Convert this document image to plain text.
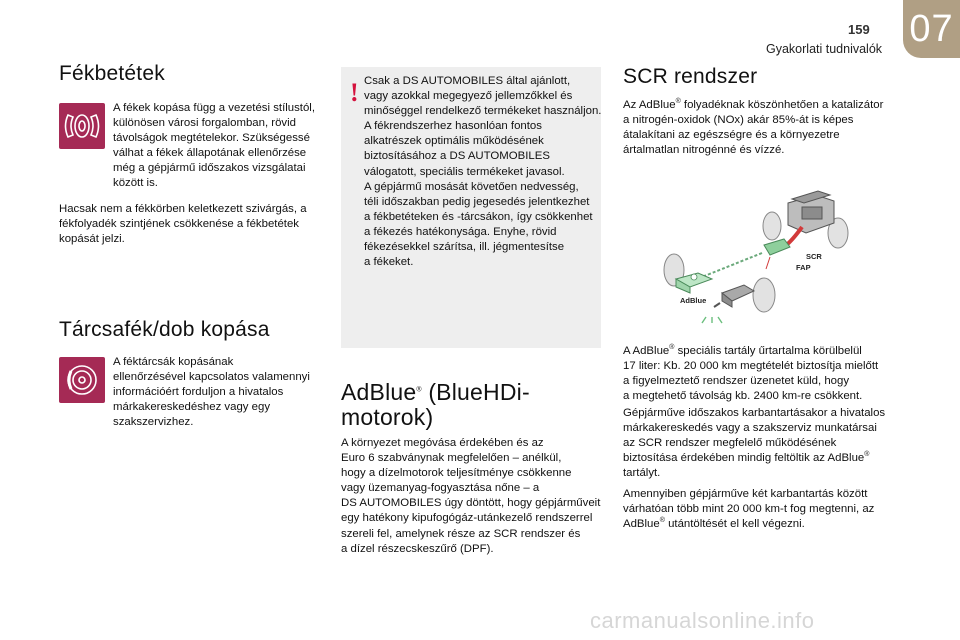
159
Gyakorlati tudnivalók 07
Fékbetétek
A fékek kopása függ a vezetési stílustól,
különösen városi forgalomban, rövid
távolságok megtételekor. Szükségessé
válhat a fékek állapotának ellenőrzése
még a gépjármű időszakos vizsgálatai
között is.
Hacsak nem a fékkörben keletkezett szivárgás, a
fékfolyadék szintjének csökkenése a fékbetétek
kopását jelzi.
Tárcsafék/dob kopása
A féktárcsák kopásának
ellenőrzésével kapcsolatos valamennyi
információért forduljon a hivatalos
márkakereskedéshez vagy egy
szakszervizhez.
! Csak a DS AUTOMOBILES által ajánlott,
vagy azokkal megegyező jellemzőkkel és
minőséggel rendelkező termékeket használjon.
A fékrendszerhez hasonlóan fontos
alkatrészek optimális működésének
biztosításához a DS AUTOMOBILES
válogatott, speciális termékeket javasol.
A gépjármű mosását követően nedvesség,
téli időszakban pedig jegesedés jelentkezhet
a fékbetéteken és -tárcsákon, így csökkenhet
a fékezés hatékonysága. Enyhe, rövid
fékezésekkel szárítsa, ill. jégmentesítse
a fékeket.
AdBlue® (BlueHDi-
motorok)
A környezet megóvása érdekében és az
Euro 6 szabványnak megfelelően – anélkül,
hogy a dízelmotorok teljesítménye csökkenne
vagy üzemanyag-fogyasztása nőne – a
DS AUTOMOBILES úgy döntött, hogy gépjárműveit
egy hatékony kipufogógáz-utánkezelő rendszerrel
szereli fel, amelynek része az SCR rendszer és
a dízel részecskeszűrő (DPF).
SCR rendszer
Az AdBlue® folyadéknak köszönhetően a katalizátor
a nitrogén-oxidok (NOx) akár 85%-át is képes
átalakítani az egészségre és a környezetre
ártalmatlan nitrogénné és vízzé.
SCR
FAP
AdBlue
A AdBlue® speciális tartály űrtartalma körülbelül
17 liter: Kb. 20 000 km megtételét biztosítja mielőtt
a figyelmeztető rendszer üzenetet küld, hogy
a megtehető távolság kb. 2400 km-re csökkent.
Gépjárműve időszakos karbantartásakor a hivatalos
márkakereskedés vagy a szakszerviz munkatársai
az SCR rendszer megfelelő működésének
biztosítása érdekében mindig feltöltik az AdBlue®
tartályt.
Amennyiben gépjárműve két karbantartás között
várhatóan több mint 20 000 km-t fog megtenni, az
AdBlue® utántöltését el kell végezni.
carmanualsonline.info
